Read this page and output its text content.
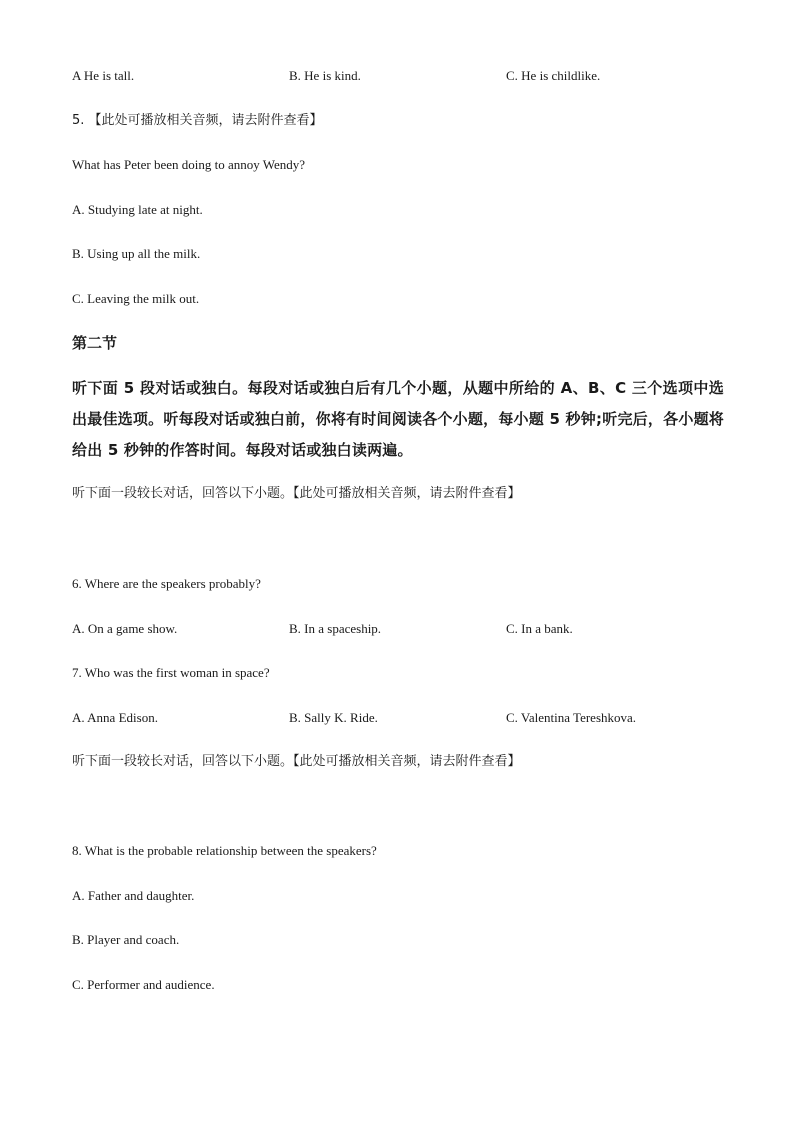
A He is tall.	B. He is kind.	C. He is childlike.
5. 【此处可播放相关音频，请去附件查看】
What has Peter been doing to annoy Wendy?
A. Studying late at night.
B. Using up all the milk.
C. Leaving the milk out.
第二节
听下面 5 段对话或独白。每段对话或独白后有几个小题，从题中所给的 A、B、C 三个选项中选出最佳选项。听每段对话或独白前，你将有时间阅读各个小题，每小题 5 秒钟;听完后，各小题将给出 5 秒钟的作答时间。每段对话或独白读两遍。
听下面一段较长对话，回答以下小题。【此处可播放相关音频，请去附件查看】
6. Where are the speakers probably?
A. On a game show.	B. In a spaceship.	C. In a bank.
7. Who was the first woman in space?
A. Anna Edison.	B. Sally K. Ride.	C. Valentina Tereshkova.
听下面一段较长对话，回答以下小题。【此处可播放相关音频，请去附件查看】
8. What is the probable relationship between the speakers?
A. Father and daughter.
B. Player and coach.
C. Performer and audience.
